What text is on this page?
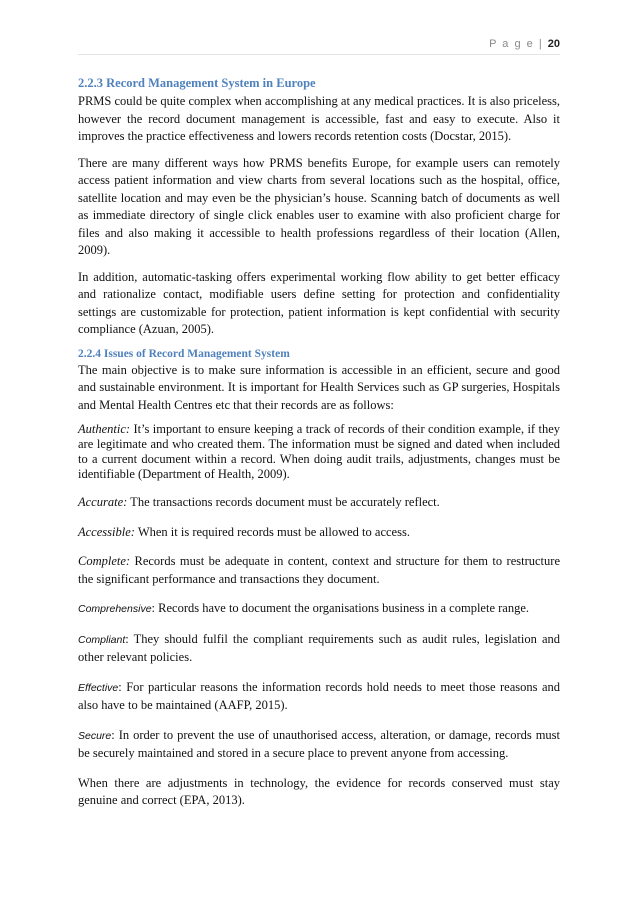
P a g e | 20
2.2.3 Record Management System in Europe

PRMS could be quite complex when accomplishing at any medical practices. It is also priceless, however the record document management is accessible, fast and easy to execute. Also it improves the practice effectiveness and lowers records retention costs (Docstar, 2015).

There are many different ways how PRMS benefits Europe, for example users can remotely access patient information and view charts from several locations such as the hospital, office, satellite location and may even be the physician’s house. Scanning batch of documents as well as immediate directory of single click enables user to examine with also proficient charge for files and also making it accessible to health professions regardless of their location (Allen, 2009).

In addition, automatic-tasking offers experimental working flow ability to get better efficacy and rationalize contact, modifiable users define setting for protection and confidentiality settings are customizable for protection, patient information is kept confidential with security compliance (Azuan, 2005).

2.2.4 Issues of Record Management System

The main objective is to make sure information is accessible in an efficient, secure and good and sustainable environment. It is important for Health Services such as GP surgeries, Hospitals and Mental Health Centres etc that their records are as follows:

Authentic: It’s important to ensure keeping a track of records of their condition example, if they are legitimate and who created them. The information must be signed and dated when included to a current document within a record. When doing audit trails, adjustments, changes must be identifiable (Department of Health, 2009).

Accurate: The transactions records document must be accurately reflect.

Accessible: When it is required records must be allowed to access.

Complete: Records must be adequate in content, context and structure for them to restructure the significant performance and transactions they document.

Comprehensive: Records have to document the organisations business in a complete range.

Compliant: They should fulfil the compliant requirements such as audit rules, legislation and other relevant policies.

Effective: For particular reasons the information records hold needs to meet those reasons and also have to be maintained (AAFP, 2015).

Secure: In order to prevent the use of unauthorised access, alteration, or damage, records must be securely maintained and stored in a secure place to prevent anyone from accessing.

When there are adjustments in technology, the evidence for records conserved must stay genuine and correct (EPA, 2013).
